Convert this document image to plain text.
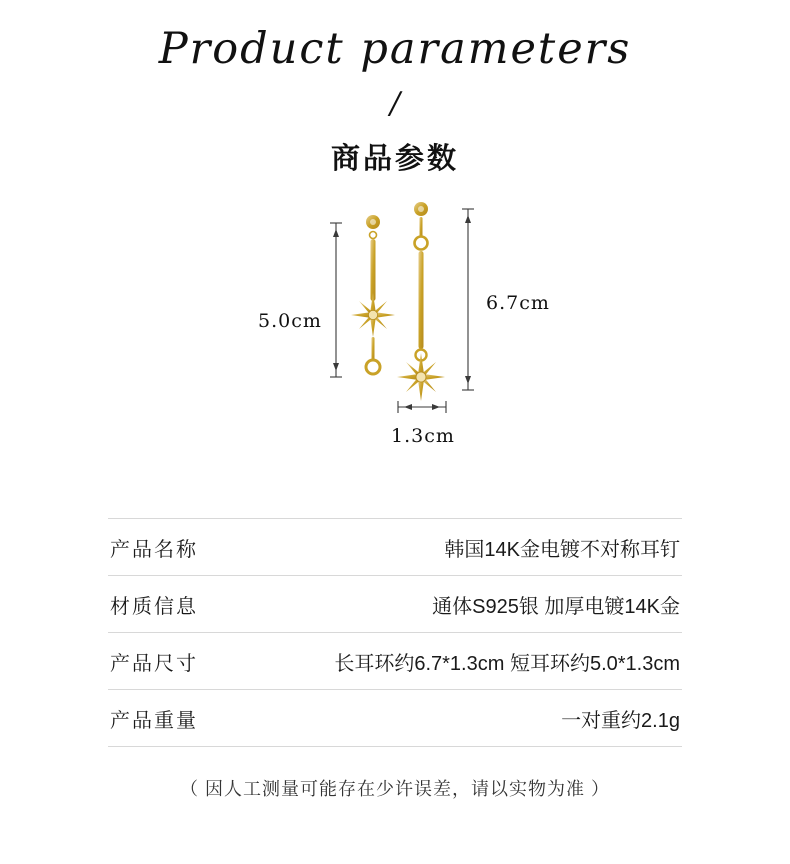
Product parameters
/
商品参数
5.0cm
6.7cm
1.3cm
产品名称	韩国14K金电镀不对称耳钉
材质信息	通体S925银 加厚电镀14K金
产品尺寸	长耳环约6.7*1.3cm 短耳环约5.0*1.3cm
产品重量	一对重约2.1g
（ 因人工测量可能存在少许误差，请以实物为准 ）
